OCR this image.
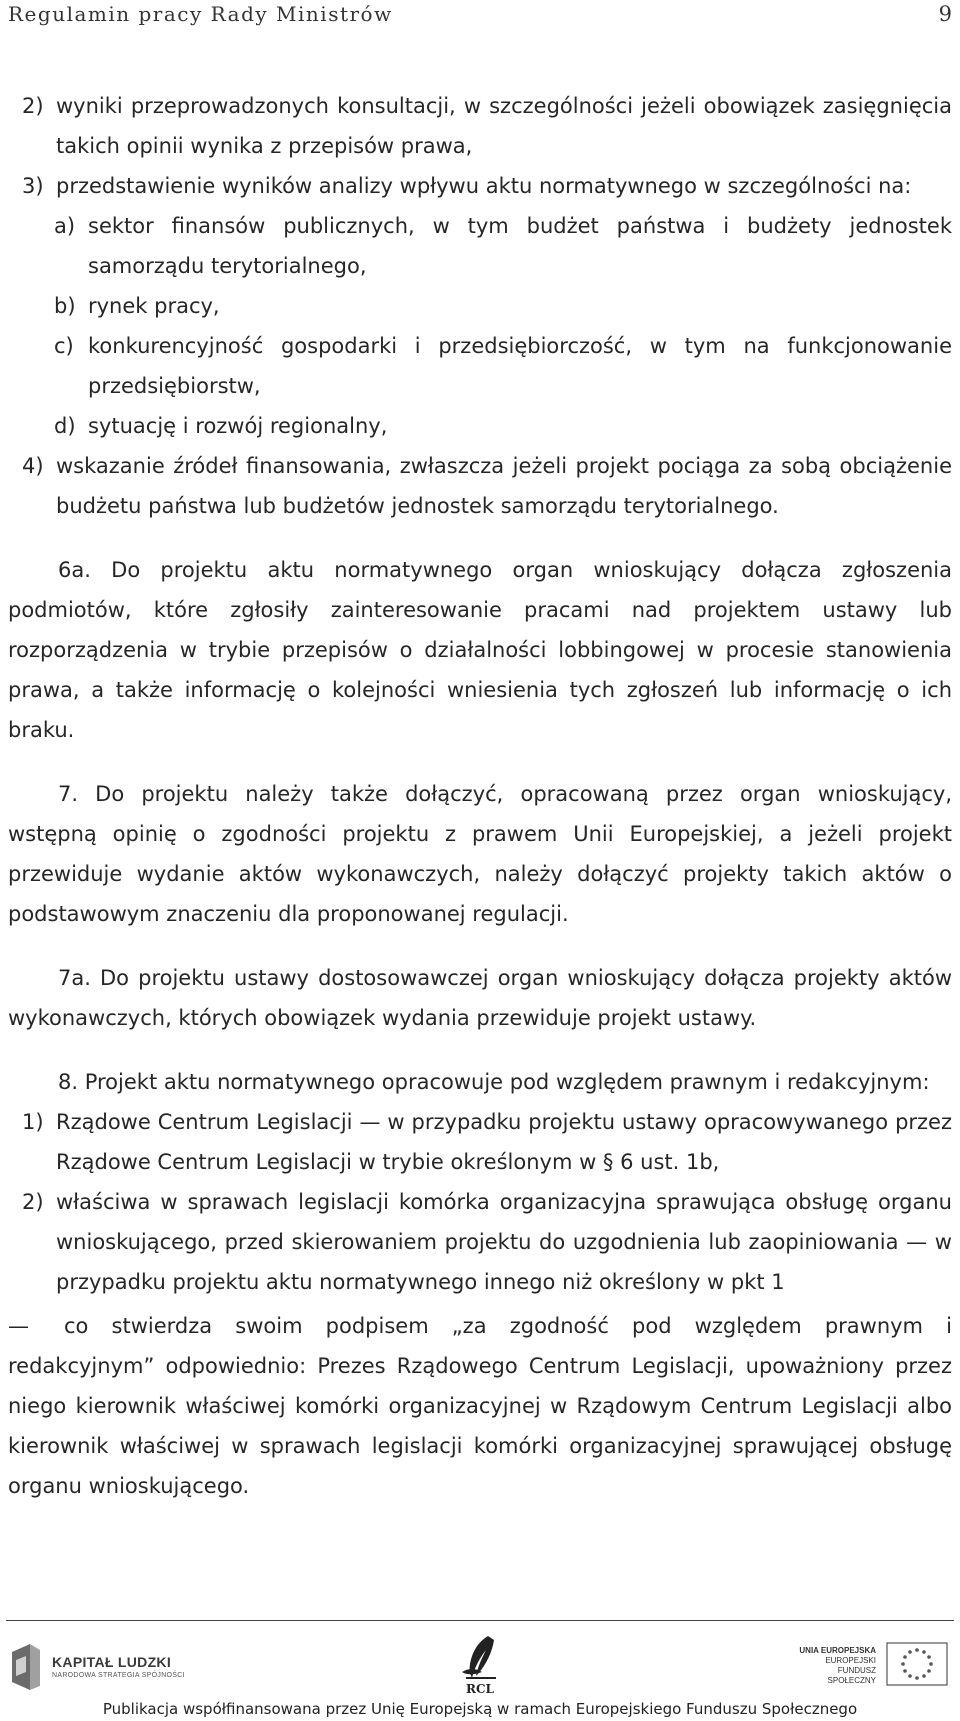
Regulamin pracy Rady Ministrów	9
2) wyniki przeprowadzonych konsultacji, w szczególności jeżeli obowiązek zasięgnięcia takich opinii wynika z przepisów prawa,
3) przedstawienie wyników analizy wpływu aktu normatywnego w szczególności na:
a) sektor finansów publicznych, w tym budżet państwa i budżety jednostek samorządu terytorialnego,
b) rynek pracy,
c) konkurencyjność gospodarki i przedsiębiorczość, w tym na funkcjonowanie przedsiębiorstw,
d) sytuację i rozwój regionalny,
4) wskazanie źródeł finansowania, zwłaszcza jeżeli projekt pociąga za sobą obciążenie budżetu państwa lub budżetów jednostek samorządu terytorialnego.

6a. Do projektu aktu normatywnego organ wnioskujący dołącza zgłoszenia podmiotów, które zgłosiły zainteresowanie pracami nad projektem ustawy lub rozporządzenia w trybie przepisów o działalności lobbingowej w procesie stanowienia prawa, a także informację o kolejności wniesienia tych zgłoszeń lub informację o ich braku.

7. Do projektu należy także dołączyć, opracowaną przez organ wnioskujący, wstępną opinię o zgodności projektu z prawem Unii Europejskiej, a jeżeli projekt przewiduje wydanie aktów wykonawczych, należy dołączyć projekty takich aktów o podstawowym znaczeniu dla proponowanej regulacji.

7a. Do projektu ustawy dostosowawczej organ wnioskujący dołącza projekty aktów wykonawczych, których obowiązek wydania przewiduje projekt ustawy.

8. Projekt aktu normatywnego opracowuje pod względem prawnym i redakcyjnym:

1) Rządowe Centrum Legislacji — w przypadku projektu ustawy opracowywanego przez Rządowe Centrum Legislacji w trybie określonym w § 6 ust. 1b,
2) właściwa w sprawach legislacji komórka organizacyjna sprawująca obsługę organu wnioskującego, przed skierowaniem projektu do uzgodnienia lub zaopiniowania — w przypadku projektu aktu normatywnego innego niż określony w pkt 1

— co stwierdza swoim podpisem „za zgodność pod względem prawnym i redakcyjnym” odpowiednio: Prezes Rządowego Centrum Legislacji, upoważniony przez niego kierownik właściwej komórki organizacyjnej w Rządowym Centrum Legislacji albo kierownik właściwej w sprawach legislacji komórki organizacyjnej sprawującej obsługę organu wnioskującego.

KAPITAŁ LUDZKI
NARODOWA STRATEGIA SPÓJNOŚCI
RCL
UNIA EUROPEJSKA
EUROPEJSKI
FUNDUSZ SPOŁECZNY
Publikacja współfinansowana przez Unię Europejską w ramach Europejskiego Funduszu Społecznego
